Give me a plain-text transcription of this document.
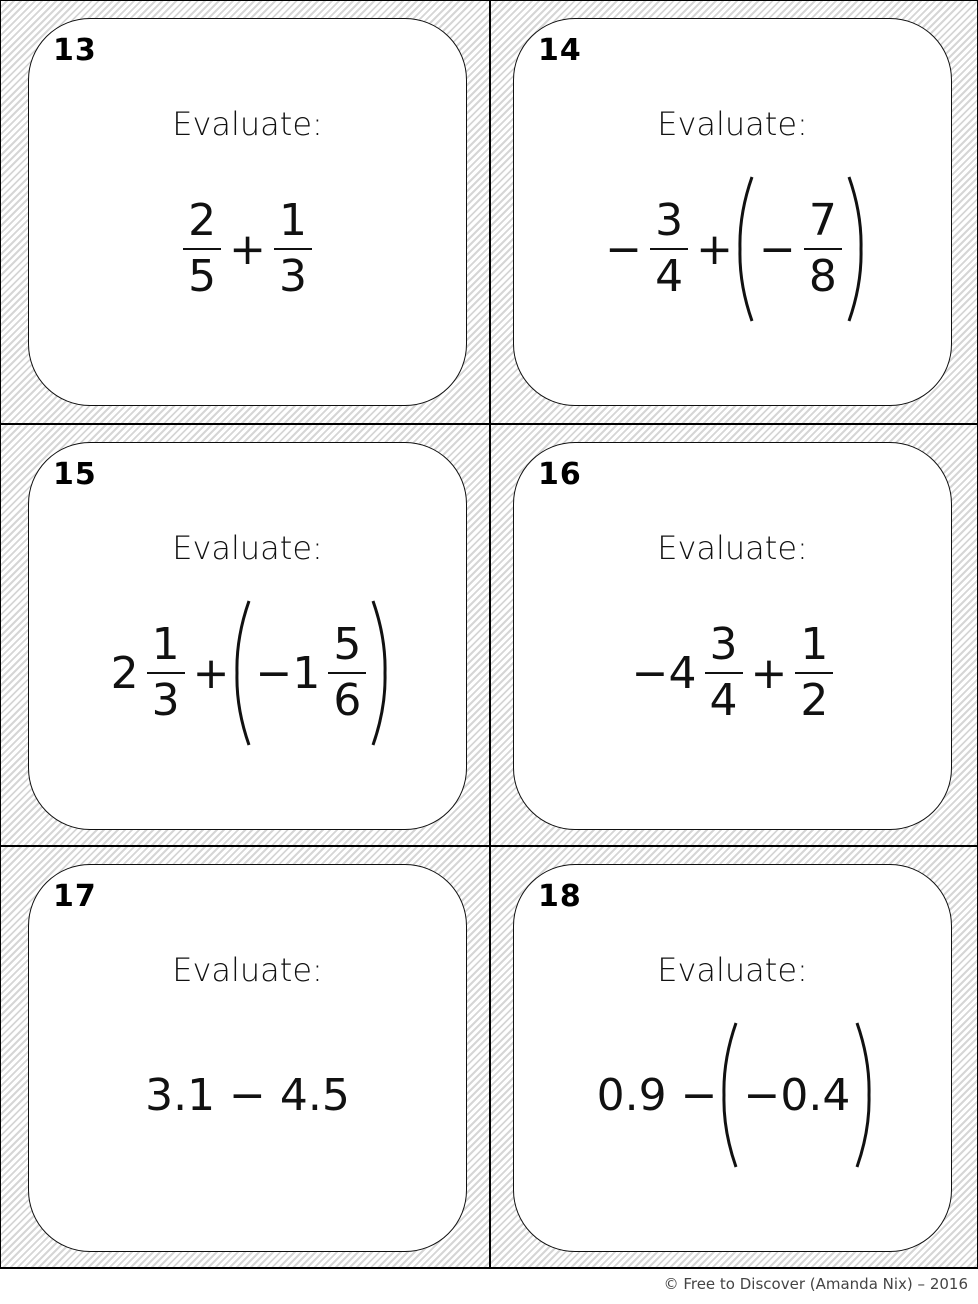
13
Evaluate:
$\frac{2}{5} + \frac{1}{3}$
14
Evaluate:
− $\frac{3}{4}$ + − $\frac{7}{8}$
15
Evaluate:
$2 \frac{1}{3} + -1 \frac{5}{6}$
16
Evaluate:
$-4 \frac{3}{4} + \frac{1}{2}$
17
Evaluate:
3.1 − 4.5
18
Evaluate:
0.9 − −0.4
© Free to Discover (Amanda Nix) – 2016
